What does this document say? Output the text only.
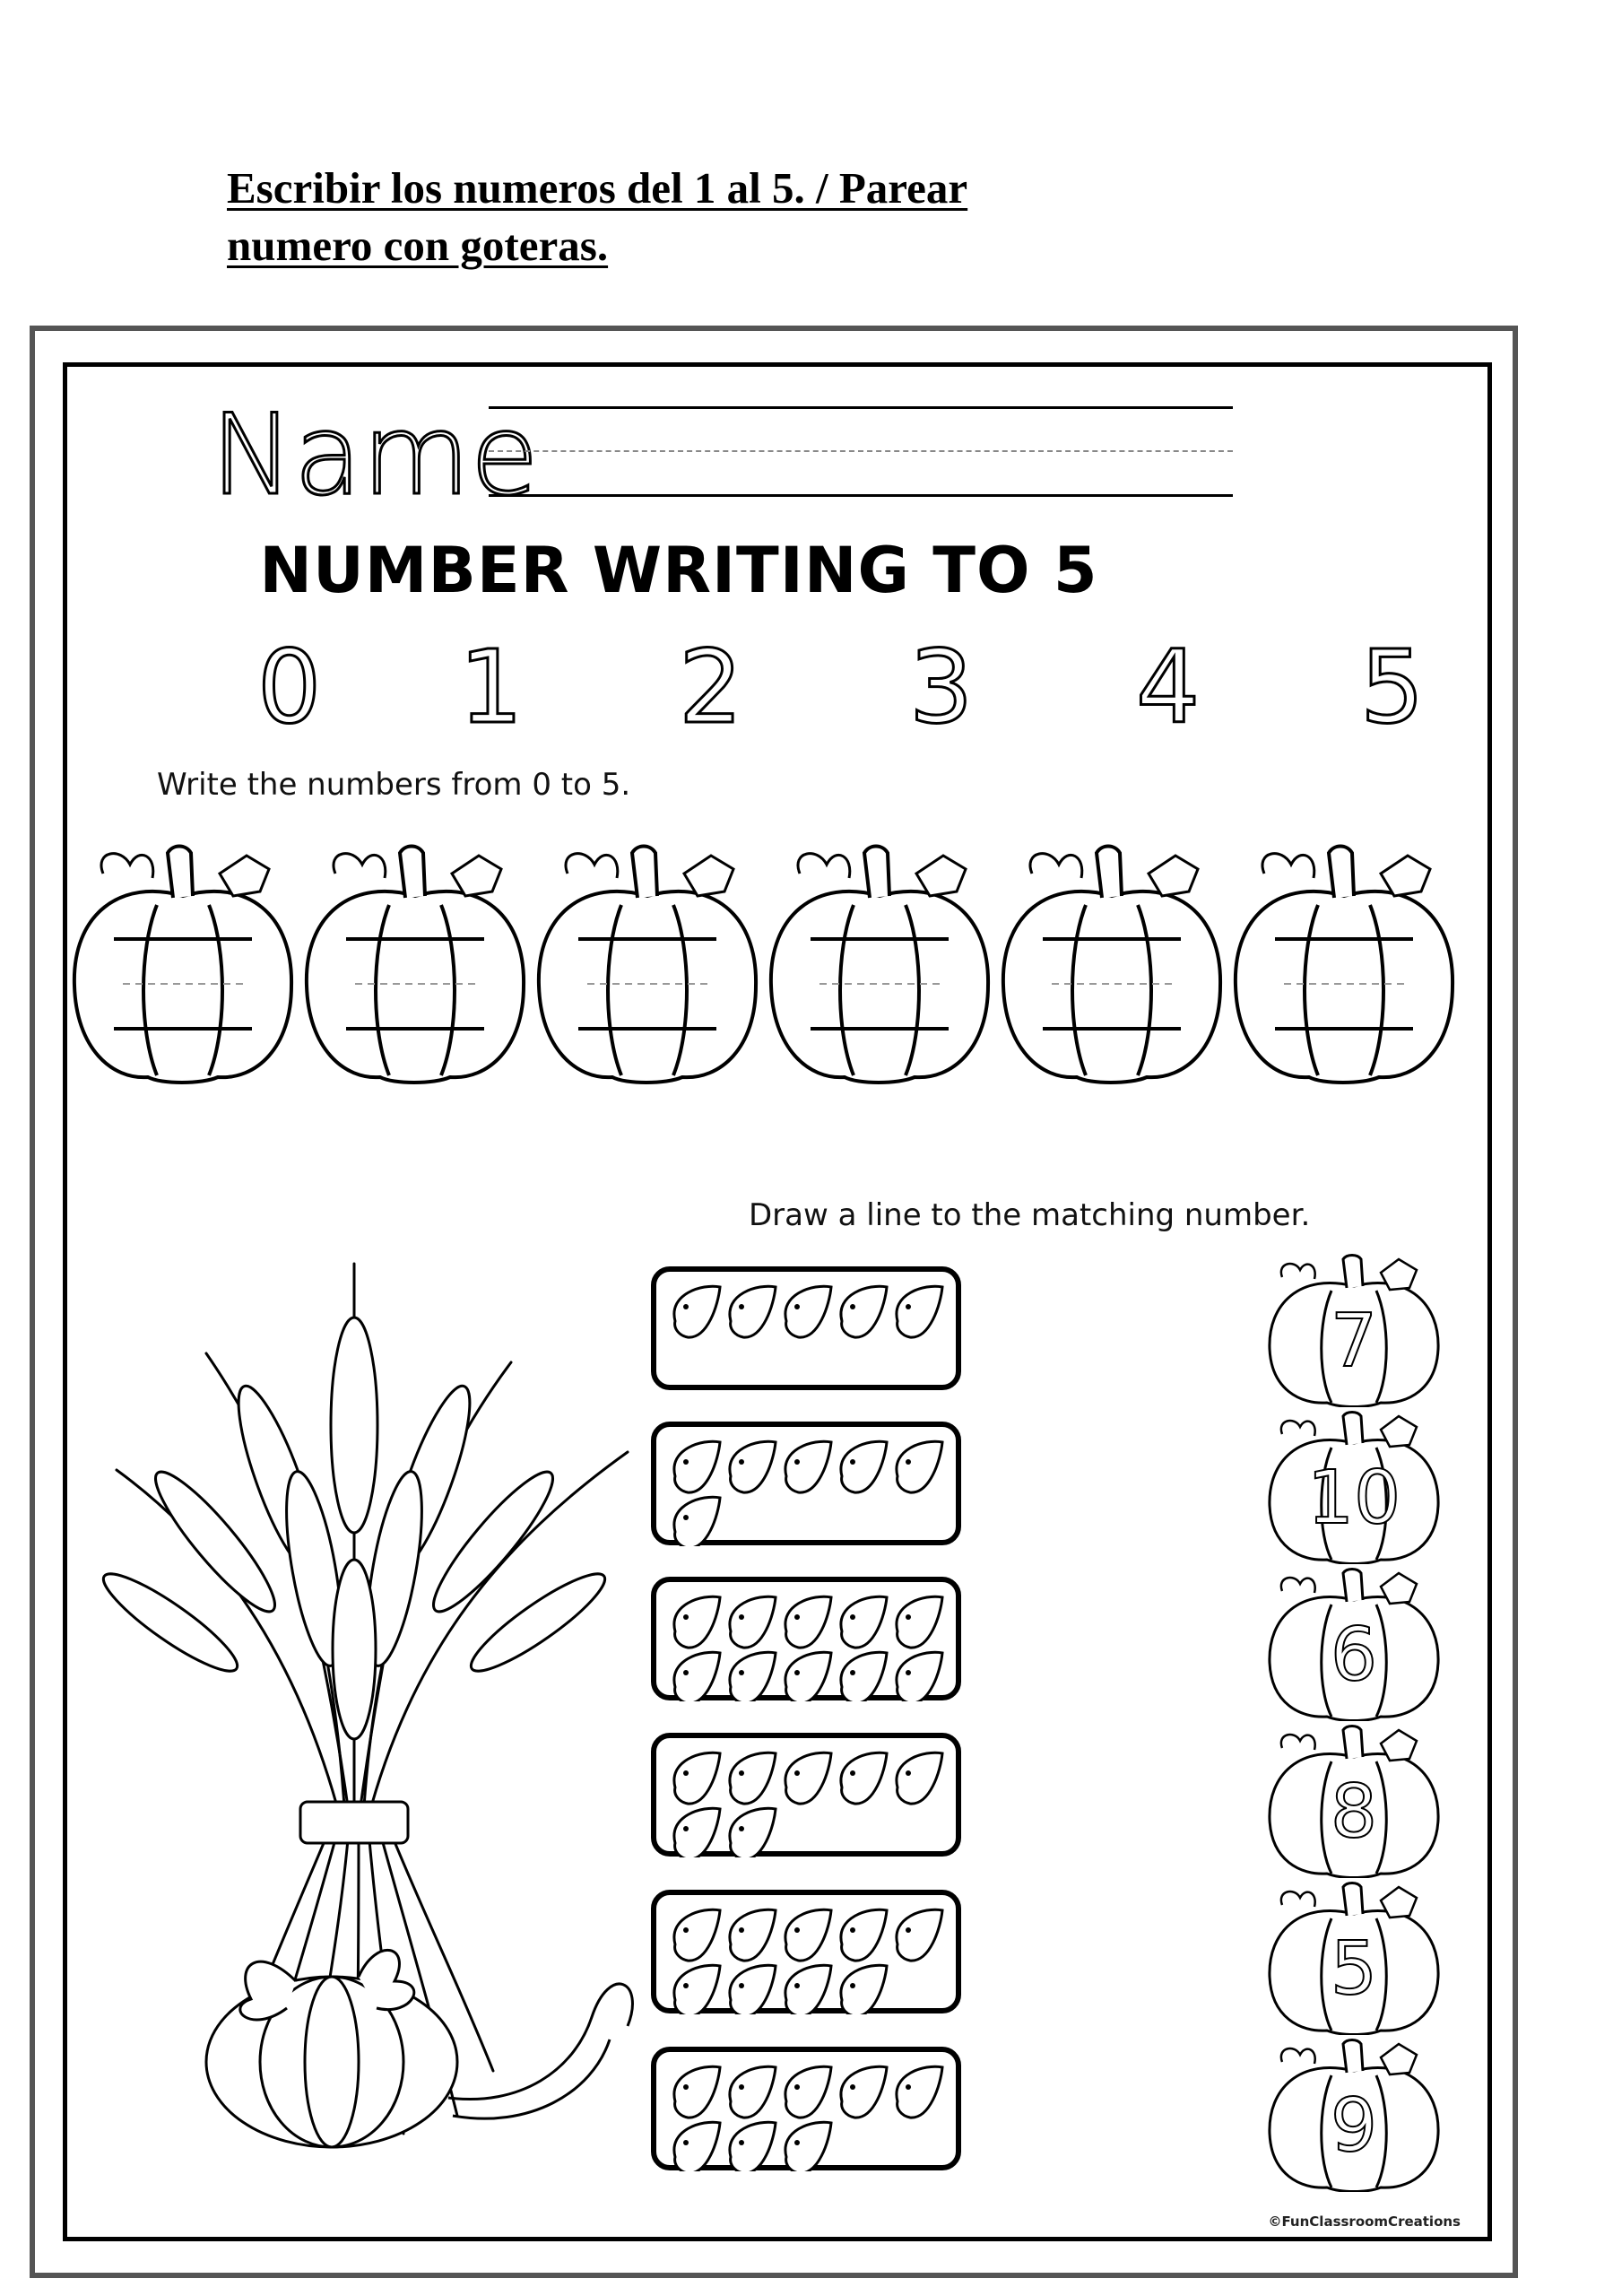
Escribir los numeros del 1 al 5. / Parear
numero con goteras.
Name
NUMBER WRITING TO 5
0 1 2 3 4 5
Write the numbers from 0 to 5.
Draw a line to the matching number.
7
10
6
8
5
9
©FunClassroomCreations
